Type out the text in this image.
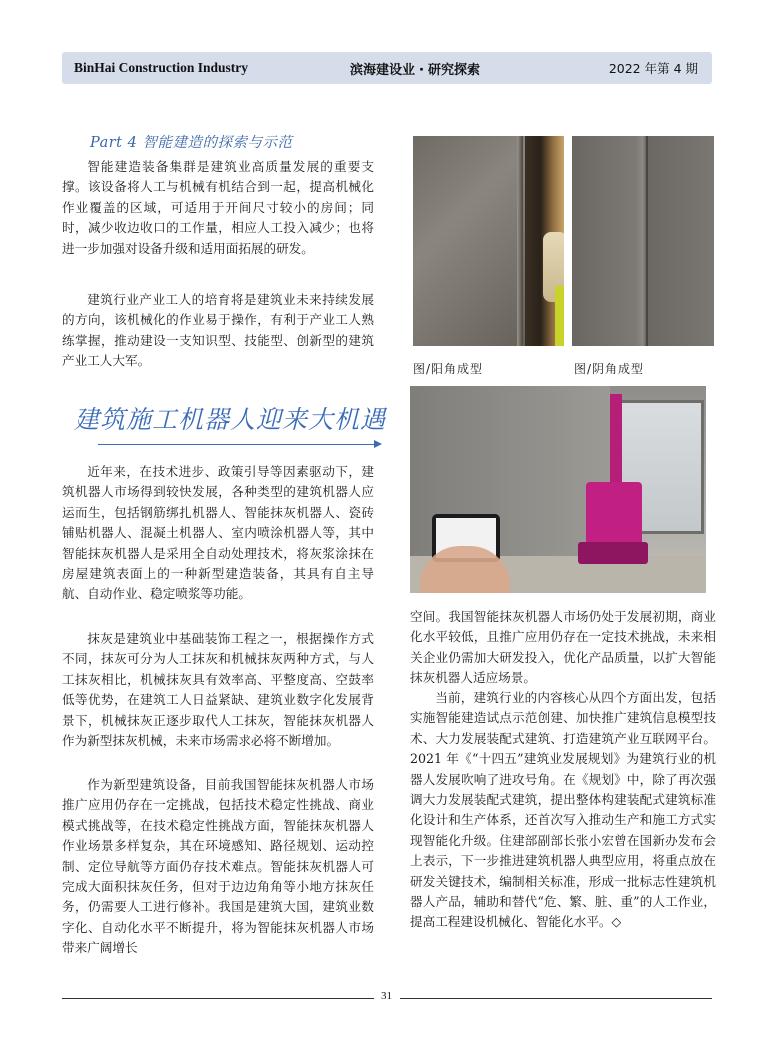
BinHai Construction Industry	滨海建设业・研究探索	2022 年第 4 期
Part 4 智能建造的探索与示范

智能建造装备集群是建筑业高质量发展的重要支撑。该设备将人工与机械有机结合到一起，提高机械化作业覆盖的区域，可适用于开间尺寸较小的房间；同时，减少收边收口的工作量，相应人工投入减少；也将进一步加强对设备升级和适用面拓展的研发。

建筑行业产业工人的培育将是建筑业未来持续发展的方向，该机械化的作业易于操作，有利于产业工人熟练掌握，推动建设一支知识型、技能型、创新型的建筑产业工人大军。

图/阳角成型	图/阴角成型
建筑施工机器人迎来大机遇

近年来，在技术进步、政策引导等因素驱动下，建筑机器人市场得到较快发展，各种类型的建筑机器人应运而生，包括钢筋绑扎机器人、智能抹灰机器人、瓷砖铺贴机器人、混凝土机器人、室内喷涂机器人等，其中智能抹灰机器人是采用全自动处理技术，将灰浆涂抹在房屋建筑表面上的一种新型建造装备，其具有自主导航、自动作业、稳定喷浆等功能。

抹灰是建筑业中基础装饰工程之一，根据操作方式不同，抹灰可分为人工抹灰和机械抹灰两种方式，与人工抹灰相比，机械抹灰具有效率高、平整度高、空鼓率低等优势，在建筑工人日益紧缺、建筑业数字化发展背景下，机械抹灰正逐步取代人工抹灰，智能抹灰机器人作为新型抹灰机械，未来市场需求必将不断增加。

作为新型建筑设备，目前我国智能抹灰机器人市场推广应用仍存在一定挑战，包括技术稳定性挑战、商业模式挑战等，在技术稳定性挑战方面，智能抹灰机器人作业场景多样复杂，其在环境感知、路径规划、运动控制、定位导航等方面仍存技术难点。智能抹灰机器人可完成大面积抹灰任务，但对于边边角角等小地方抹灰任务，仍需要人工进行修补。我国是建筑大国，建筑业数字化、自动化水平不断提升，将为智能抹灰机器人市场带来广阔增长

空间。我国智能抹灰机器人市场仍处于发展初期，商业化水平较低，且推广应用仍存在一定技术挑战，未来相关企业仍需加大研发投入，优化产品质量，以扩大智能抹灰机器人适应场景。

当前，建筑行业的内容核心从四个方面出发，包括实施智能建造试点示范创建、加快推广建筑信息模型技术、大力发展装配式建筑、打造建筑产业互联网平台。2021 年《“十四五”建筑业发展规划》为建筑行业的机器人发展吹响了进攻号角。在《规划》中，除了再次强调大力发展装配式建筑，提出整体构建装配式建筑标准化设计和生产体系，还首次写入推动生产和施工方式实现智能化升级。住建部副部长张小宏曾在国新办发布会上表示，下一步推进建筑机器人典型应用，将重点放在研发关键技术，编制相关标准，形成一批标志性建筑机器人产品，辅助和替代“危、繁、脏、重”的人工作业，提高工程建设机械化、智能化水平。◇

31
